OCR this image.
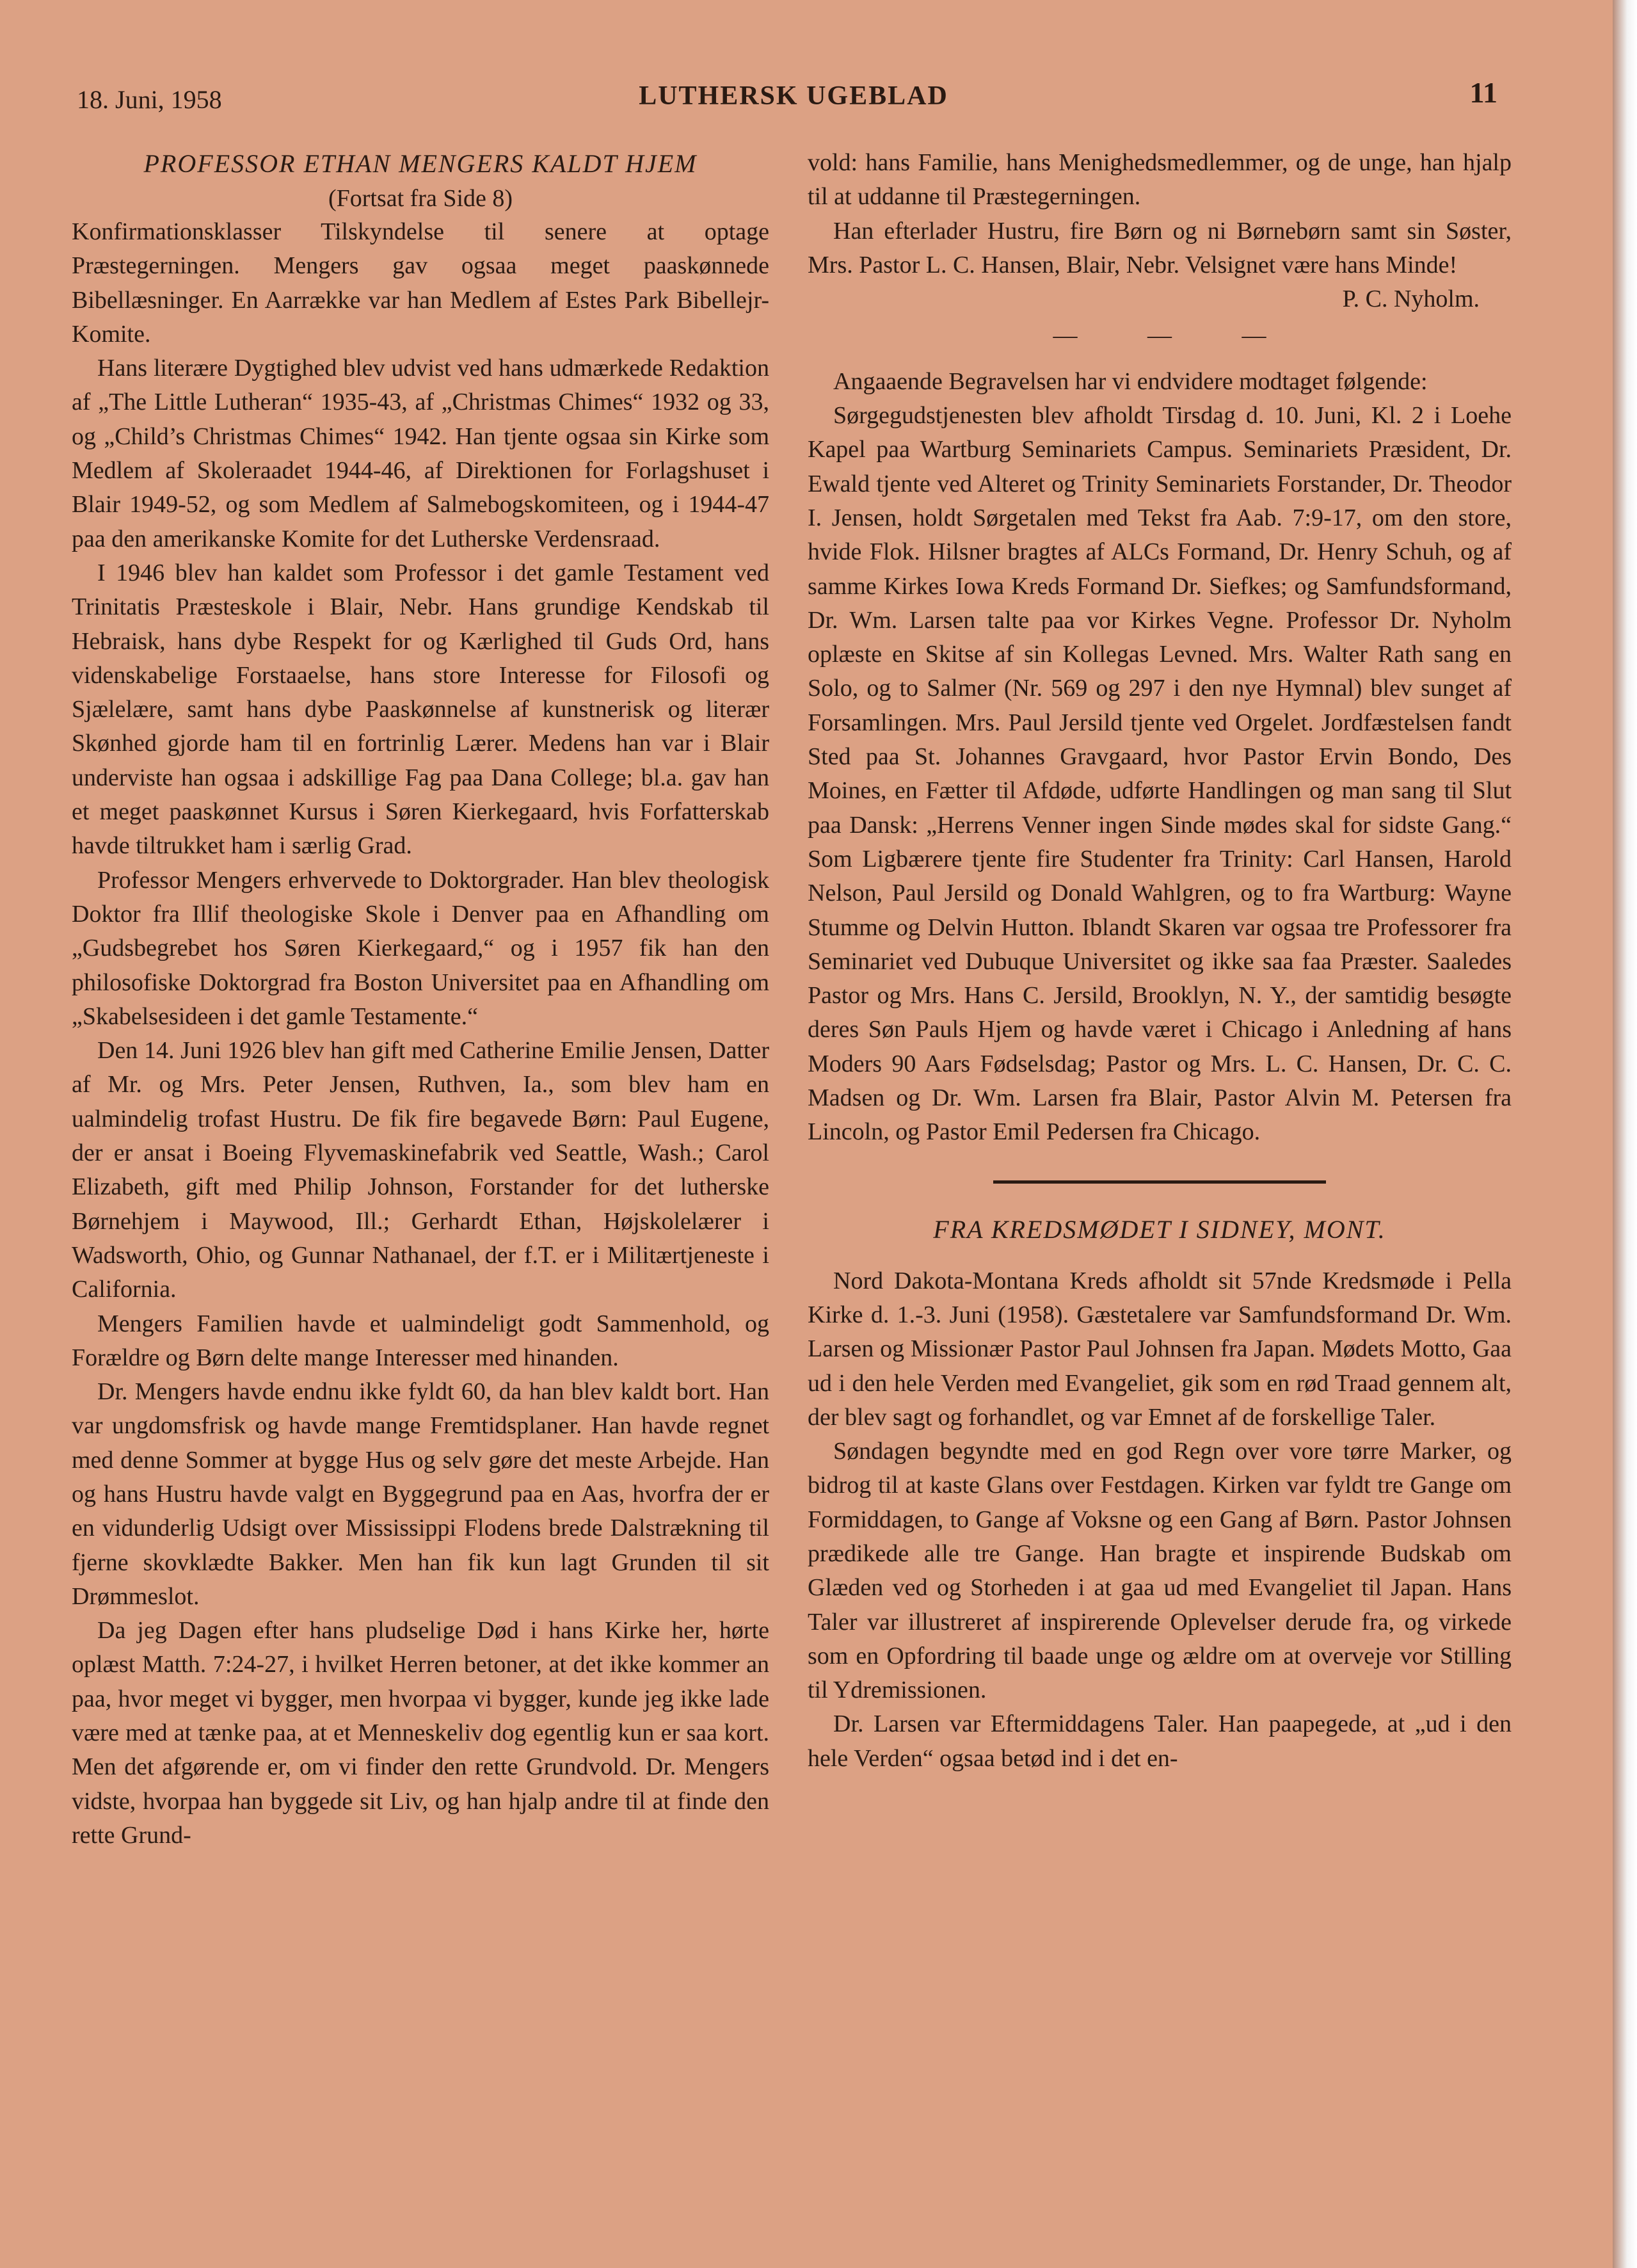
18. Juni, 1958	LUTHERSK UGEBLAD	11
PROFESSOR ETHAN MENGERS KALDT HJEM
(Fortsat fra Side 8)

Konfirmationsklasser Tilskyndelse til senere at optage Præstegerningen. Mengers gav ogsaa meget paaskønnede Bibellæsninger. En Aarrække var han Medlem af Estes Park Bibellejr-Komite.

Hans literære Dygtighed blev udvist ved hans udmærkede Redaktion af „The Little Lutheran“ 1935-43, af „Christmas Chimes“ 1932 og 33, og „Child’s Christmas Chimes“ 1942. Han tjente ogsaa sin Kirke som Medlem af Skoleraadet 1944-46, af Direktionen for Forlagshuset i Blair 1949-52, og som Medlem af Salmebogskomiteen, og i 1944-47 paa den amerikanske Komite for det Lutherske Verdensraad.

I 1946 blev han kaldet som Professor i det gamle Testament ved Trinitatis Præsteskole i Blair, Nebr. Hans grundige Kendskab til Hebraisk, hans dybe Respekt for og Kærlighed til Guds Ord, hans videnskabelige Forstaaelse, hans store Interesse for Filosofi og Sjælelære, samt hans dybe Paaskønnelse af kunstnerisk og literær Skønhed gjorde ham til en fortrinlig Lærer. Medens han var i Blair underviste han ogsaa i adskillige Fag paa Dana College; bl.a. gav han et meget paaskønnet Kursus i Søren Kierkegaard, hvis Forfatterskab havde tiltrukket ham i særlig Grad.

Professor Mengers erhvervede to Doktorgrader. Han blev theologisk Doktor fra Illif theologiske Skole i Denver paa en Afhandling om „Gudsbegrebet hos Søren Kierkegaard,“ og i 1957 fik han den philosofiske Doktorgrad fra Boston Universitet paa en Afhandling om „Skabelsesideen i det gamle Testamente.“

Den 14. Juni 1926 blev han gift med Catherine Emilie Jensen, Datter af Mr. og Mrs. Peter Jensen, Ruthven, Ia., som blev ham en ualmindelig trofast Hustru. De fik fire begavede Børn: Paul Eugene, der er ansat i Boeing Flyvemaskinefabrik ved Seattle, Wash.; Carol Elizabeth, gift med Philip Johnson, Forstander for det lutherske Børnehjem i Maywood, Ill.; Gerhardt Ethan, Højskolelærer i Wadsworth, Ohio, og Gunnar Nathanael, der f.T. er i Militærtjeneste i California.

Mengers Familien havde et ualmindeligt godt Sammenhold, og Forældre og Børn delte mange Interesser med hinanden.

Dr. Mengers havde endnu ikke fyldt 60, da han blev kaldt bort. Han var ungdomsfrisk og havde mange Fremtidsplaner. Han havde regnet med denne Sommer at bygge Hus og selv gøre det meste Arbejde. Han og hans Hustru havde valgt en Byggegrund paa en Aas, hvorfra der er en vidunderlig Udsigt over Mississippi Flodens brede Dalstrækning til fjerne skovklædte Bakker. Men han fik kun lagt Grunden til sit Drømmeslot.

Da jeg Dagen efter hans pludselige Død i hans Kirke her, hørte oplæst Matth. 7:24-27, i hvilket Herren betoner, at det ikke kommer an paa, hvor meget vi bygger, men hvorpaa vi bygger, kunde jeg ikke lade være med at tænke paa, at et Menneskeliv dog egentlig kun er saa kort. Men det afgørende er, om vi finder den rette Grundvold. Dr. Mengers vidste, hvorpaa han byggede sit Liv, og han hjalp andre til at finde den rette Grund-

vold: hans Familie, hans Menighedsmedlemmer, og de unge, han hjalp til at uddanne til Præstegerningen.

Han efterlader Hustru, fire Børn og ni Børnebørn samt sin Søster, Mrs. Pastor L. C. Hansen, Blair, Nebr. Velsignet være hans Minde!

P. C. Nyholm.
— — —

Angaaende Begravelsen har vi endvidere modtaget følgende:

Sørgegudstjenesten blev afholdt Tirsdag d. 10. Juni, Kl. 2 i Loehe Kapel paa Wartburg Seminariets Campus. Seminariets Præsident, Dr. Ewald tjente ved Alteret og Trinity Seminariets Forstander, Dr. Theodor I. Jensen, holdt Sørgetalen med Tekst fra Aab. 7:9-17, om den store, hvide Flok. Hilsner bragtes af ALCs Formand, Dr. Henry Schuh, og af samme Kirkes Iowa Kreds Formand Dr. Siefkes; og Samfundsformand, Dr. Wm. Larsen talte paa vor Kirkes Vegne. Professor Dr. Nyholm oplæste en Skitse af sin Kollegas Levned. Mrs. Walter Rath sang en Solo, og to Salmer (Nr. 569 og 297 i den nye Hymnal) blev sunget af Forsamlingen. Mrs. Paul Jersild tjente ved Orgelet. Jordfæstelsen fandt Sted paa St. Johannes Gravgaard, hvor Pastor Ervin Bondo, Des Moines, en Fætter til Afdøde, udførte Handlingen og man sang til Slut paa Dansk: „Herrens Venner ingen Sinde mødes skal for sidste Gang.“ Som Ligbærere tjente fire Studenter fra Trinity: Carl Hansen, Harold Nelson, Paul Jersild og Donald Wahlgren, og to fra Wartburg: Wayne Stumme og Delvin Hutton. Iblandt Skaren var ogsaa tre Professorer fra Seminariet ved Dubuque Universitet og ikke saa faa Præster. Saaledes Pastor og Mrs. Hans C. Jersild, Brooklyn, N. Y., der samtidig besøgte deres Søn Pauls Hjem og havde været i Chicago i Anledning af hans Moders 90 Aars Fødselsdag; Pastor og Mrs. L. C. Hansen, Dr. C. C. Madsen og Dr. Wm. Larsen fra Blair, Pastor Alvin M. Petersen fra Lincoln, og Pastor Emil Pedersen fra Chicago.

FRA KREDSMØDET I SIDNEY, MONT.

Nord Dakota-Montana Kreds afholdt sit 57nde Kredsmøde i Pella Kirke d. 1.-3. Juni (1958). Gæstetalere var Samfundsformand Dr. Wm. Larsen og Missionær Pastor Paul Johnsen fra Japan. Mødets Motto, Gaa ud i den hele Verden med Evangeliet, gik som en rød Traad gennem alt, der blev sagt og forhandlet, og var Emnet af de forskellige Taler.

Søndagen begyndte med en god Regn over vore tørre Marker, og bidrog til at kaste Glans over Festdagen. Kirken var fyldt tre Gange om Formiddagen, to Gange af Voksne og een Gang af Børn. Pastor Johnsen prædikede alle tre Gange. Han bragte et inspirende Budskab om Glæden ved og Storheden i at gaa ud med Evangeliet til Japan. Hans Taler var illustreret af inspirerende Oplevelser derude fra, og virkede som en Opfordring til baade unge og ældre om at overveje vor Stilling til Ydremissionen.

Dr. Larsen var Eftermiddagens Taler. Han paapegede, at „ud i den hele Verden“ ogsaa betød ind i det en-
